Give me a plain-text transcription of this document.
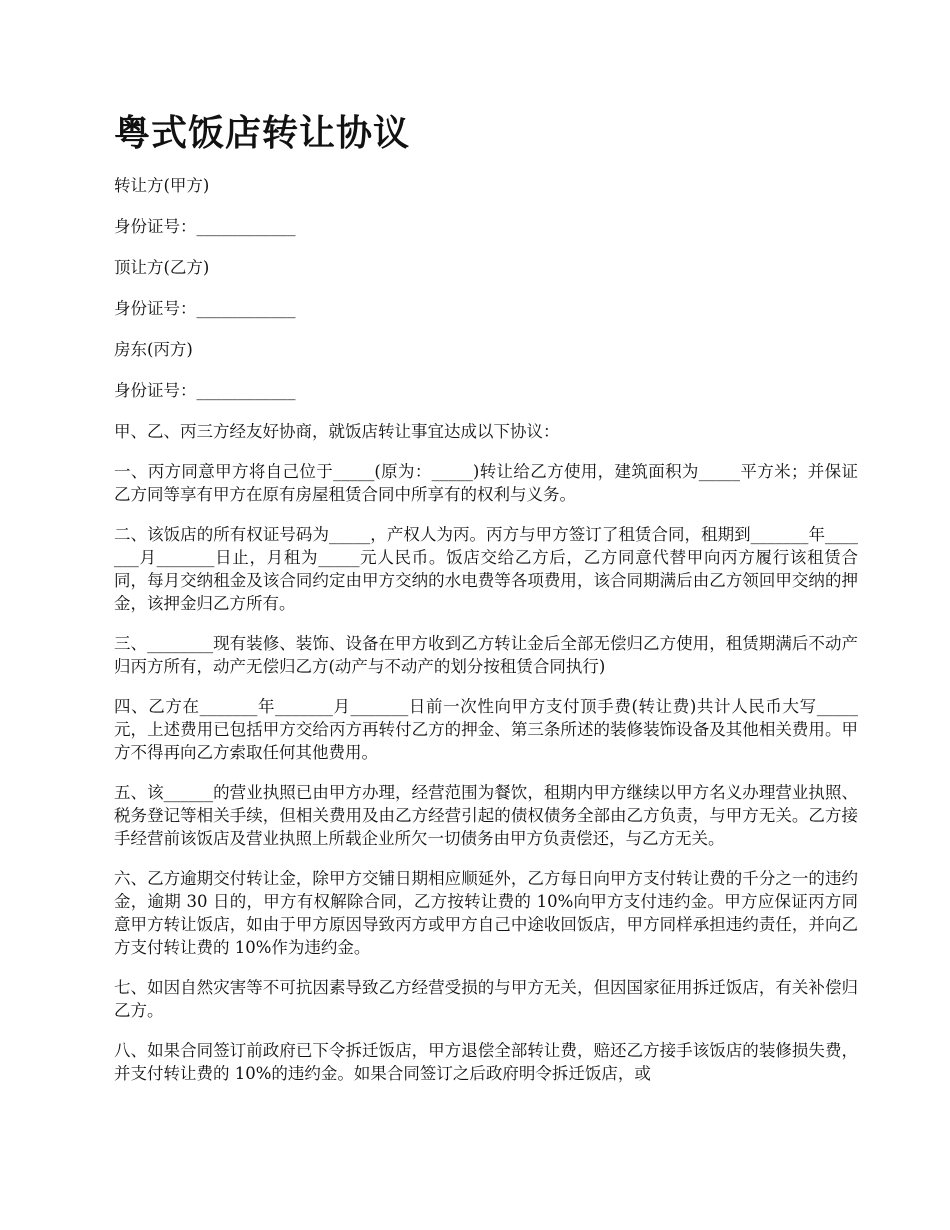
粤式饭店转让协议

转让方(甲方)

身份证号：____________

顶让方(乙方)

身份证号：____________

房东(丙方)

身份证号：____________

甲、乙、丙三方经友好协商，就饭店转让事宜达成以下协议：

一、丙方同意甲方将自己位于_____(原为：_____)转让给乙方使用，建筑面积为_____平方米；并保证乙方同等享有甲方在原有房屋租赁合同中所享有的权利与义务。

二、该饭店的所有权证号码为_____，产权人为丙。丙方与甲方签订了租赁合同，租期到_______年_______月_______日止，月租为_____元人民币。饭店交给乙方后，乙方同意代替甲向丙方履行该租赁合同，每月交纳租金及该合同约定由甲方交纳的水电费等各项费用，该合同期满后由乙方领回甲交纳的押金，该押金归乙方所有。

三、________现有装修、装饰、设备在甲方收到乙方转让金后全部无偿归乙方使用，租赁期满后不动产归丙方所有，动产无偿归乙方(动产与不动产的划分按租赁合同执行)

四、乙方在_______年_______月_______日前一次性向甲方支付顶手费(转让费)共计人民币大写_____元，上述费用已包括甲方交给丙方再转付乙方的押金、第三条所述的装修装饰设备及其他相关费用。甲方不得再向乙方索取任何其他费用。

五、该______的营业执照已由甲方办理，经营范围为餐饮，租期内甲方继续以甲方名义办理营业执照、税务登记等相关手续，但相关费用及由乙方经营引起的债权债务全部由乙方负责，与甲方无关。乙方接手经营前该饭店及营业执照上所载企业所欠一切债务由甲方负责偿还，与乙方无关。

六、乙方逾期交付转让金，除甲方交铺日期相应顺延外，乙方每日向甲方支付转让费的千分之一的违约金，逾期 30 日的，甲方有权解除合同，乙方按转让费的 10%向甲方支付违约金。甲方应保证丙方同意甲方转让饭店，如由于甲方原因导致丙方或甲方自己中途收回饭店，甲方同样承担违约责任，并向乙方支付转让费的 10%作为违约金。

七、如因自然灾害等不可抗因素导致乙方经营受损的与甲方无关，但因国家征用拆迁饭店，有关补偿归乙方。

八、如果合同签订前政府已下令拆迁饭店，甲方退偿全部转让费，赔还乙方接手该饭店的装修损失费，并支付转让费的 10%的违约金。如果合同签订之后政府明令拆迁饭店，或
